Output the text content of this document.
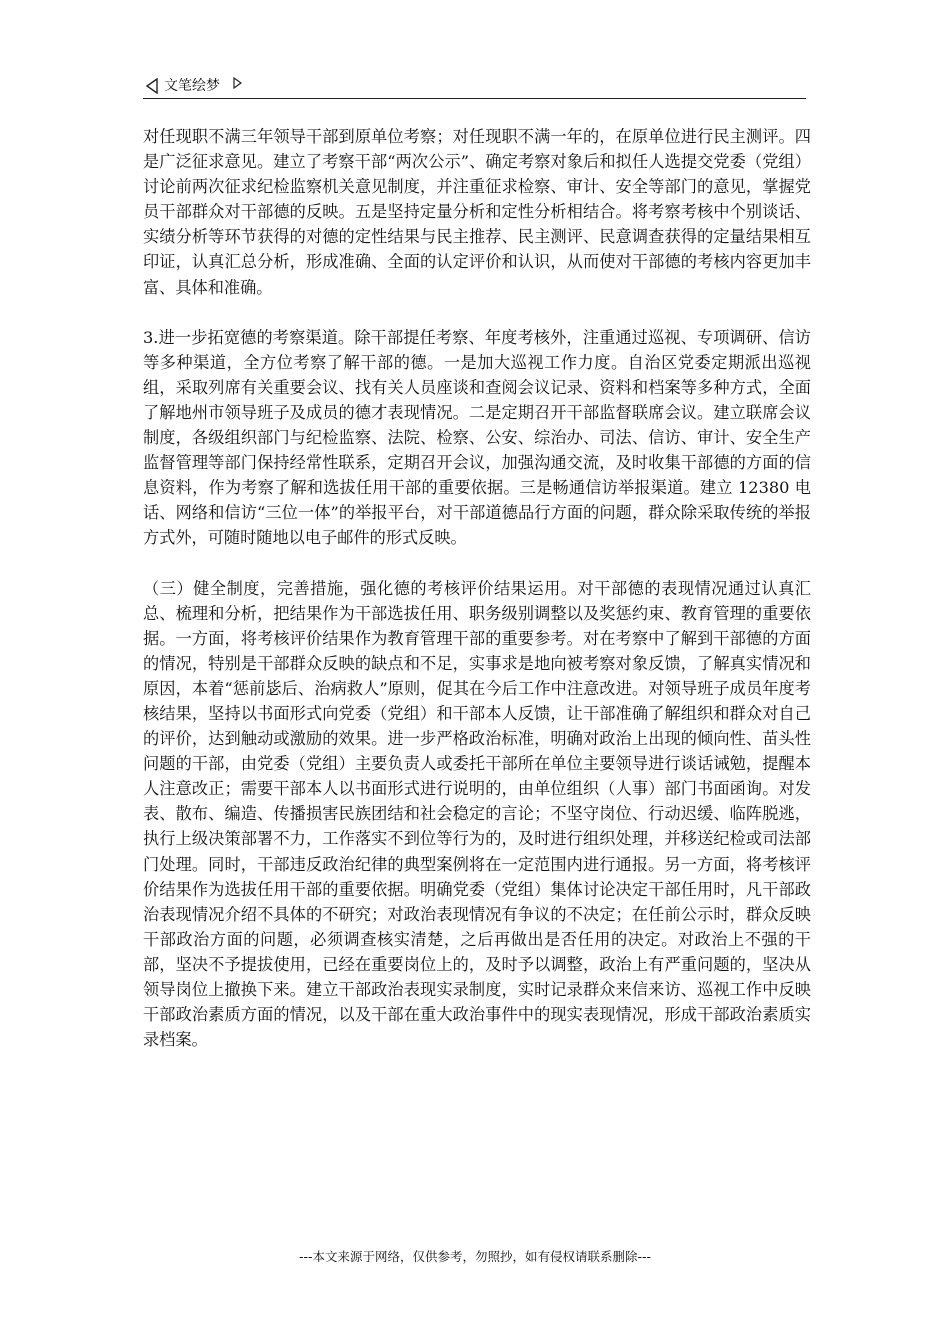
文笔绘梦

对任现职不满三年领导干部到原单位考察；对任现职不满一年的，在原单位进行民主测评。四是广泛征求意见。建立了考察干部“两次公示”、确定考察对象后和拟任人选提交党委（党组）讨论前两次征求纪检监察机关意见制度，并注重征求检察、审计、安全等部门的意见，掌握党员干部群众对干部德的反映。五是坚持定量分析和定性分析相结合。将考察考核中个别谈话、实绩分析等环节获得的对德的定性结果与民主推荐、民主测评、民意调查获得的定量结果相互印证，认真汇总分析，形成准确、全面的认定评价和认识，从而使对干部德的考核内容更加丰富、具体和准确。

3.进一步拓宽德的考察渠道。除干部提任考察、年度考核外，注重通过巡视、专项调研、信访等多种渠道，全方位考察了解干部的德。一是加大巡视工作力度。自治区党委定期派出巡视组，采取列席有关重要会议、找有关人员座谈和查阅会议记录、资料和档案等多种方式，全面了解地州市领导班子及成员的德才表现情况。二是定期召开干部监督联席会议。建立联席会议制度，各级组织部门与纪检监察、法院、检察、公安、综治办、司法、信访、审计、安全生产监督管理等部门保持经常性联系，定期召开会议，加强沟通交流，及时收集干部德的方面的信息资料，作为考察了解和选拔任用干部的重要依据。三是畅通信访举报渠道。建立 12380 电话、网络和信访“三位一体”的举报平台，对干部道德品行方面的问题，群众除采取传统的举报方式外，可随时随地以电子邮件的形式反映。

（三）健全制度，完善措施，强化德的考核评价结果运用。对干部德的表现情况通过认真汇总、梳理和分析，把结果作为干部选拔任用、职务级别调整以及奖惩约束、教育管理的重要依据。一方面，将考核评价结果作为教育管理干部的重要参考。对在考察中了解到干部德的方面的情况，特别是干部群众反映的缺点和不足，实事求是地向被考察对象反馈，了解真实情况和原因，本着“惩前毖后、治病救人”原则，促其在今后工作中注意改进。对领导班子成员年度考核结果，坚持以书面形式向党委（党组）和干部本人反馈，让干部准确了解组织和群众对自己的评价，达到触动或激励的效果。进一步严格政治标准，明确对政治上出现的倾向性、苗头性问题的干部，由党委（党组）主要负责人或委托干部所在单位主要领导进行谈话诫勉，提醒本人注意改正；需要干部本人以书面形式进行说明的，由单位组织（人事）部门书面函询。对发表、散布、编造、传播损害民族团结和社会稳定的言论；不坚守岗位、行动迟缓、临阵脱逃，执行上级决策部署不力，工作落实不到位等行为的，及时进行组织处理，并移送纪检或司法部门处理。同时，干部违反政治纪律的典型案例将在一定范围内进行通报。另一方面，将考核评价结果作为选拔任用干部的重要依据。明确党委（党组）集体讨论决定干部任用时，凡干部政治表现情况介绍不具体的不研究；对政治表现情况有争议的不决定；在任前公示时，群众反映干部政治方面的问题，必须调查核实清楚，之后再做出是否任用的决定。对政治上不强的干部，坚决不予提拔使用，已经在重要岗位上的，及时予以调整，政治上有严重问题的，坚决从领导岗位上撤换下来。建立干部政治表现实录制度，实时记录群众来信来访、巡视工作中反映干部政治素质方面的情况，以及干部在重大政治事件中的现实表现情况，形成干部政治素质实录档案。

---本文来源于网络，仅供参考，勿照抄，如有侵权请联系删除---
